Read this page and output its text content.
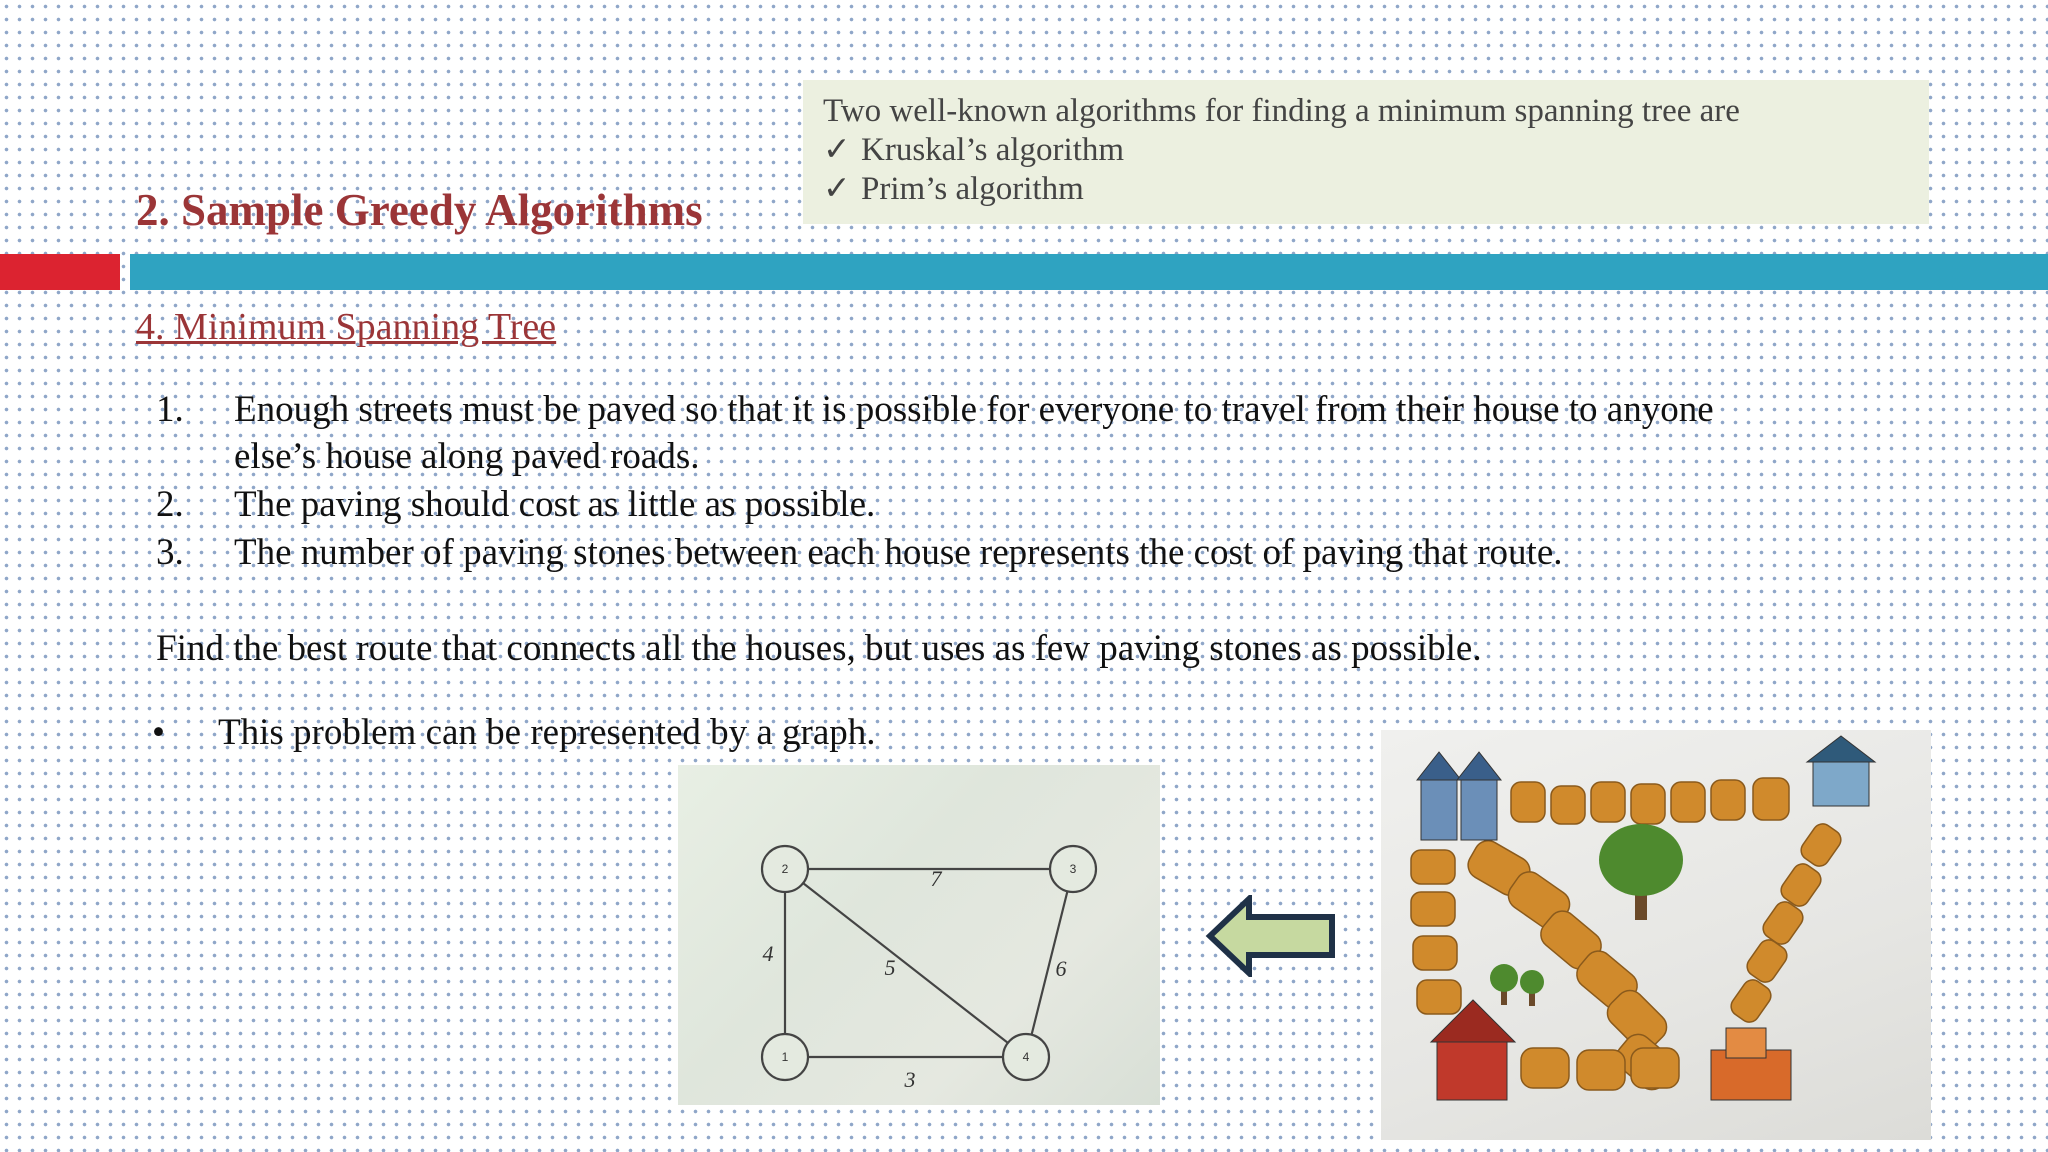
Two well-known algorithms for finding a minimum spanning tree are
✓ Kruskal’s algorithm
✓ Prim’s algorithm
2. Sample Greedy Algorithms
4. Minimum Spanning Tree
1. Enough streets must be paved so that it is possible for everyone to travel from their house to anyone
else’s house along paved roads.
2. The paving should cost as little as possible.
3. The number of paving stones between each house represents the cost of paving that route.
Find the best route that connects all the houses, but uses as few paving stones as possible.
• This problem can be represented by a graph.
2	3
1	4
7
4
5	6
3
